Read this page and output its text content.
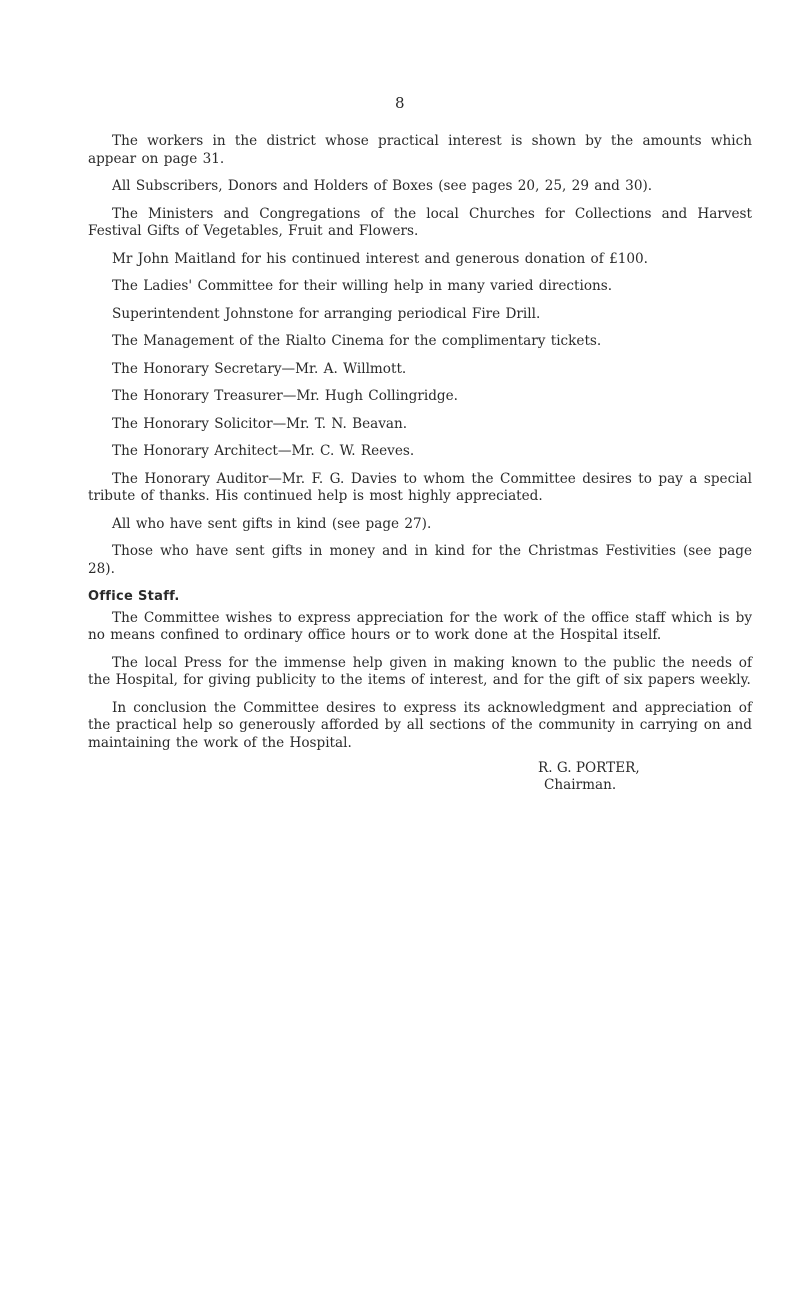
8

The workers in the district whose practical interest is shown by the amounts which appear on page 31.

All Subscribers, Donors and Holders of Boxes (see pages 20, 25, 29 and 30).

The Ministers and Congregations of the local Churches for Collections and Harvest Festival Gifts of Vegetables, Fruit and Flowers.

Mr John Maitland for his continued interest and generous donation of £100.

The Ladies' Committee for their willing help in many varied directions.

Superintendent Johnstone for arranging periodical Fire Drill.

The Management of the Rialto Cinema for the complimentary tickets.

The Honorary Secretary—Mr. A. Willmott.

The Honorary Treasurer—Mr. Hugh Collingridge.

The Honorary Solicitor—Mr. T. N. Beavan.

The Honorary Architect—Mr. C. W. Reeves.

The Honorary Auditor—Mr. F. G. Davies to whom the Committee desires to pay a special tribute of thanks. His continued help is most highly appreciated.

All who have sent gifts in kind (see page 27).

Those who have sent gifts in money and in kind for the Christmas Festivities (see page 28).

Office Staff.

The Committee wishes to express appreciation for the work of the office staff which is by no means confined to ordinary office hours or to work done at the Hospital itself.

The local Press for the immense help given in making known to the public the needs of the Hospital, for giving publicity to the items of interest, and for the gift of six papers weekly.

In conclusion the Committee desires to express its acknowledgment and appreciation of the practical help so generously afforded by all sections of the community in carrying on and maintaining the work of the Hospital.

R. G. PORTER,
Chairman.
